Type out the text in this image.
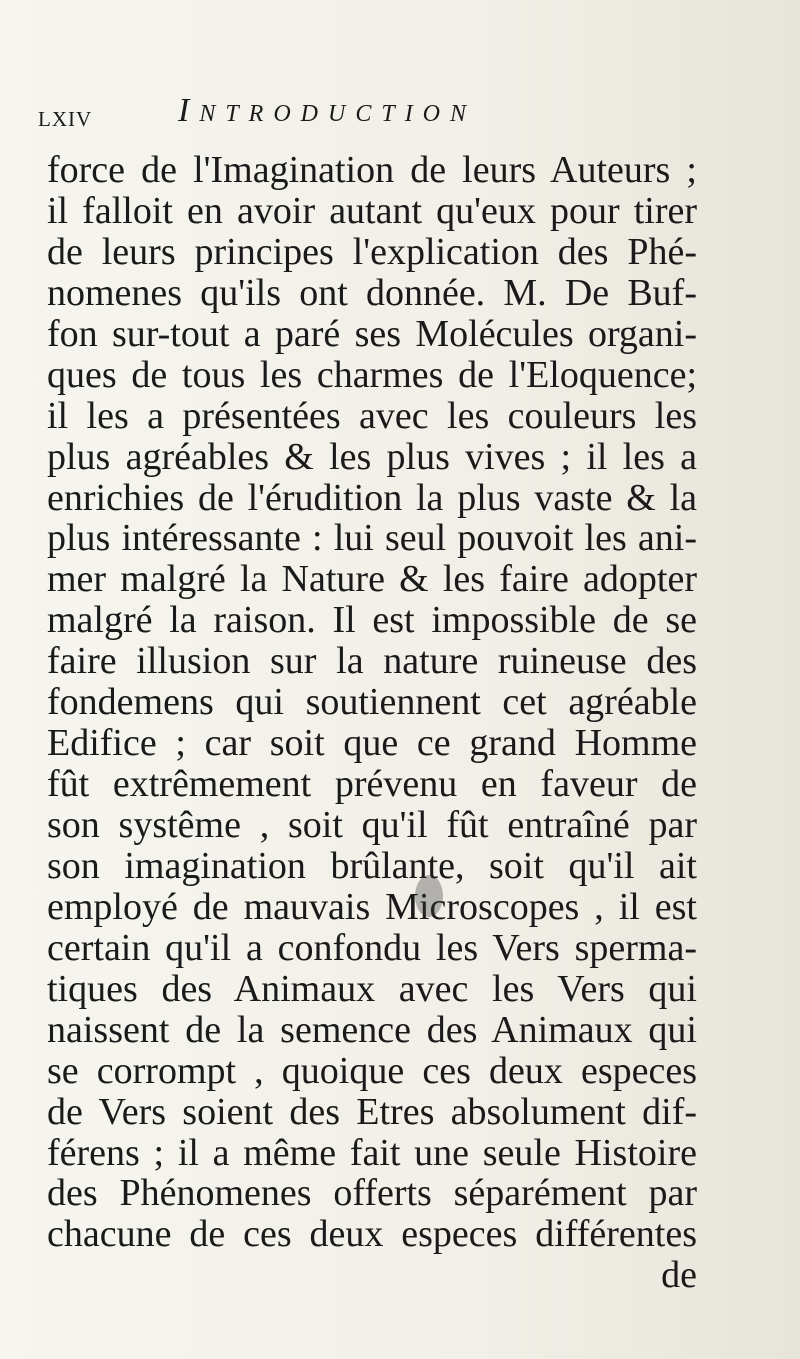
lxiv	Introduction
force de l'Imagination de leurs Auteurs ;
il falloit en avoir autant qu'eux pour tirer
de leurs principes l'explication des Phé-
nomenes qu'ils ont donnée. M. De Buf-
fon sur-tout a paré ses Molécules organi-
ques de tous les charmes de l'Eloquence;
il les a présentées avec les couleurs les
plus agréables & les plus vives ; il les a
enrichies de l'érudition la plus vaste & la
plus intéressante : lui seul pouvoit les ani-
mer malgré la Nature & les faire adopter
malgré la raison. Il est impossible de se
faire illusion sur la nature ruineuse des
fondemens qui soutiennent cet agréable
Edifice ; car soit que ce grand Homme
fût extrêmement prévenu en faveur de
son systême , soit qu'il fût entraîné par
son imagination brûlante, soit qu'il ait
employé de mauvais Microscopes , il est
certain qu'il a confondu les Vers sperma-
tiques des Animaux avec les Vers qui
naissent de la semence des Animaux qui
se corrompt , quoique ces deux especes
de Vers soient des Etres absolument dif-
férens ; il a même fait une seule Histoire
des Phénomenes offerts séparément par
chacune de ces deux especes différentes
de
